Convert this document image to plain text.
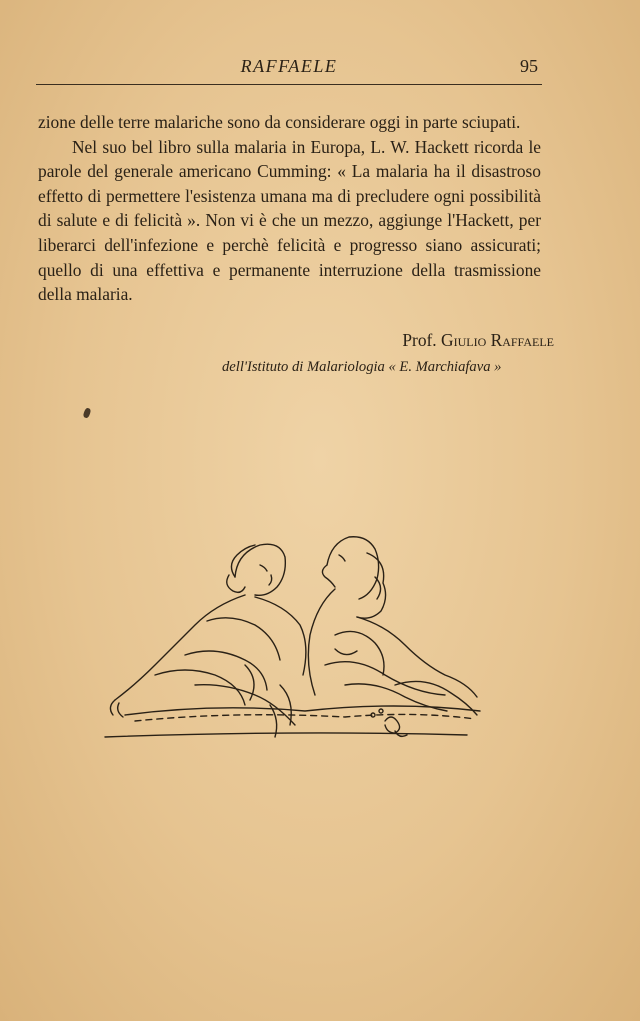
RAFFAELE	95

zione delle terre malariche sono da considerare oggi in parte sciupati.

Nel suo bel libro sulla malaria in Europa, L. W. Hackett ricorda le parole del generale americano Cumming: « La malaria ha il disastroso effetto di permettere l'esistenza umana ma di precludere ogni possibilità di salute e di felicità ». Non vi è che un mezzo, aggiunge l'Hackett, per liberarci dell'infezione e perchè felicità e progresso siano assicurati; quello di una effettiva e permanente interruzione della trasmissione della malaria.

Prof. Giulio Raffaele
dell'Istituto di Malariologia « E. Marchiafava »
